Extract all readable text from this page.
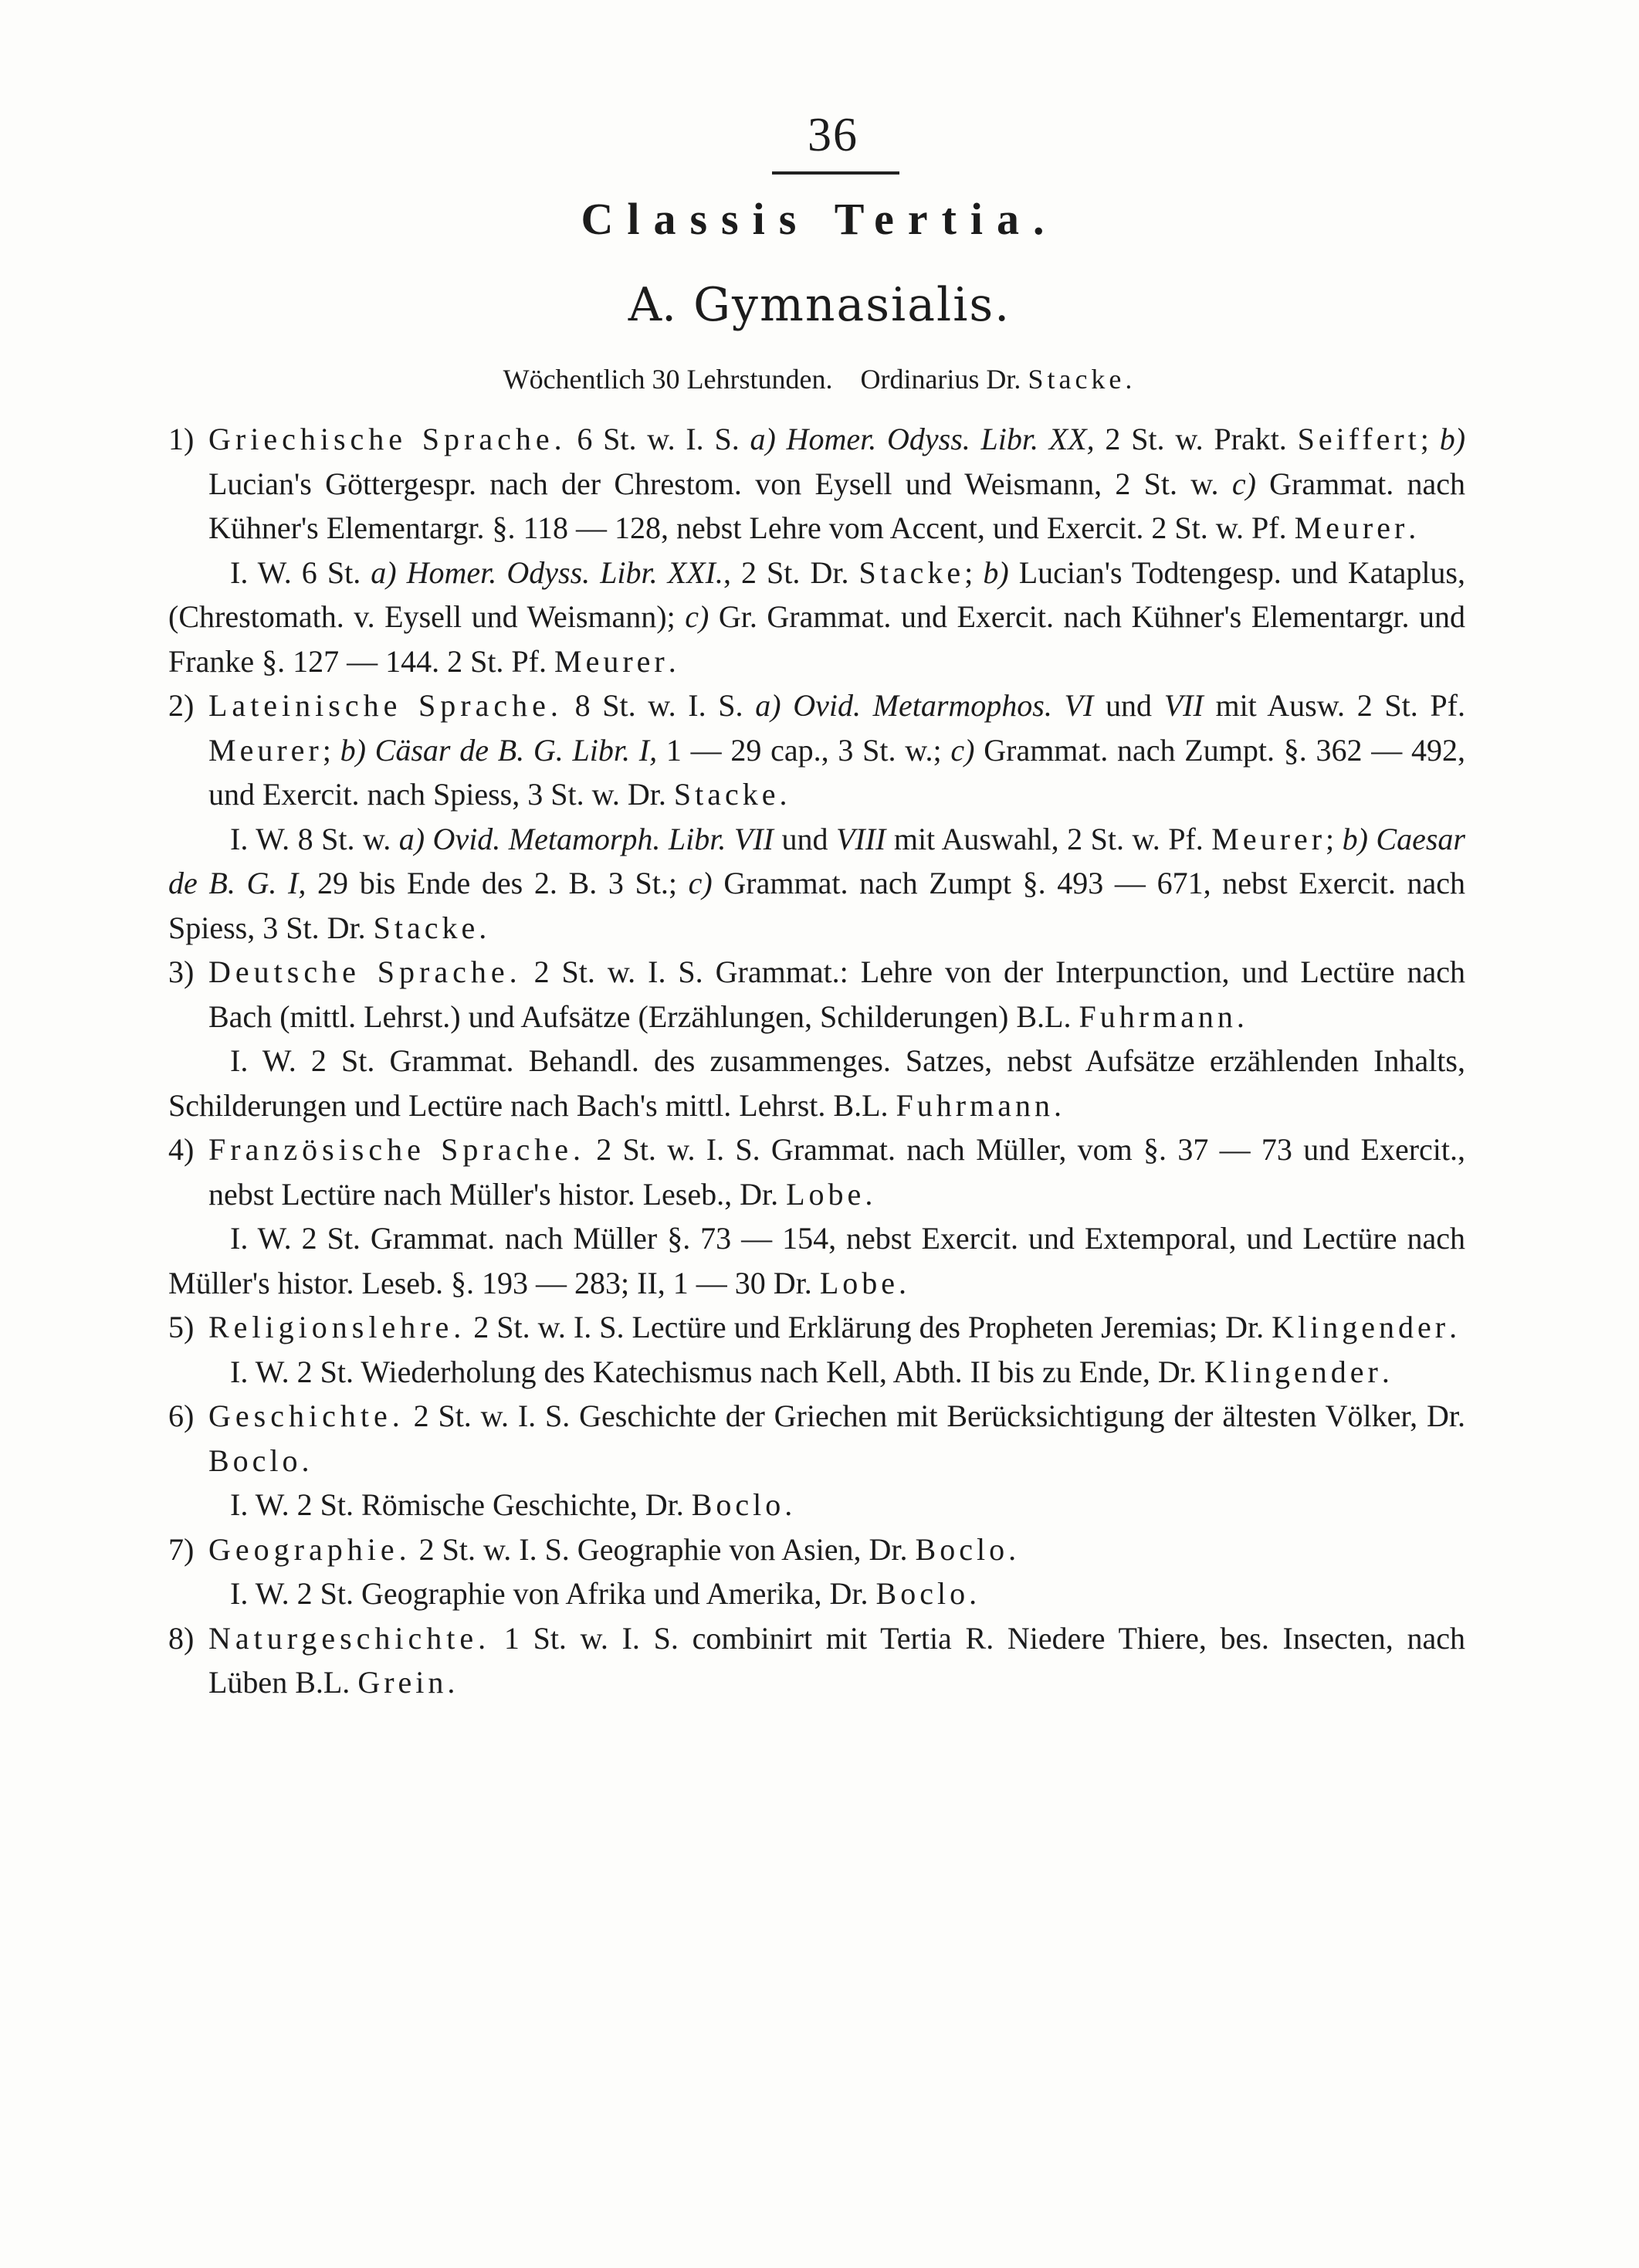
36
Classis Tertia.
A. Gymnasialis.
Wöchentlich 30 Lehrstunden. Ordinarius Dr. Stacke.

1) Griechische Sprache. 6 St. w. I. S. a) Homer. Odyss. Libr. XX, 2 St. w. Prakt. Seiffert; b) Lucian's Göttergespr. nach der Chrestom. von Eysell und Weismann, 2 St. w. c) Grammat. nach Kühner's Elementargr. §. 118 — 128, nebst Lehre vom Accent, und Exercit. 2 St. w. Pf. Meurer.

I. W. 6 St. a) Homer. Odyss. Libr. XXI., 2 St. Dr. Stacke; b) Lucian's Todtengesp. und Kataplus, (Chrestomath. v. Eysell und Weismann); c) Gr. Grammat. und Exercit. nach Kühner's Elementargr. und Franke §. 127 — 144. 2 St. Pf. Meurer.

2) Lateinische Sprache. 8 St. w. I. S. a) Ovid. Metarmophos. VI und VII mit Ausw. 2 St. Pf. Meurer; b) Cäsar de B. G. Libr. I, 1 — 29 cap., 3 St. w.; c) Grammat. nach Zumpt. §. 362 — 492, und Exercit. nach Spiess, 3 St. w. Dr. Stacke.

I. W. 8 St. w. a) Ovid. Metamorph. Libr. VII und VIII mit Auswahl, 2 St. w. Pf. Meurer; b) Caesar de B. G. I, 29 bis Ende des 2. B. 3 St.; c) Grammat. nach Zumpt §. 493 — 671, nebst Exercit. nach Spiess, 3 St. Dr. Stacke.

3) Deutsche Sprache. 2 St. w. I. S. Grammat.: Lehre von der Interpunction, und Lectüre nach Bach (mittl. Lehrst.) und Aufsätze (Erzählungen, Schilderungen) B.L. Fuhrmann.

I. W. 2 St. Grammat. Behandl. des zusammenges. Satzes, nebst Aufsätze erzählenden Inhalts, Schilderungen und Lectüre nach Bach's mittl. Lehrst. B.L. Fuhrmann.

4) Französische Sprache. 2 St. w. I. S. Grammat. nach Müller, vom §. 37 — 73 und Exercit., nebst Lectüre nach Müller's histor. Leseb., Dr. Lobe.

I. W. 2 St. Grammat. nach Müller §. 73 — 154, nebst Exercit. und Extemporal, und Lectüre nach Müller's histor. Leseb. §. 193 — 283; II, 1 — 30 Dr. Lobe.

5) Religionslehre. 2 St. w. I. S. Lectüre und Erklärung des Propheten Jeremias; Dr. Klingender.

I. W. 2 St. Wiederholung des Katechismus nach Kell, Abth. II bis zu Ende, Dr. Klingender.

6) Geschichte. 2 St. w. I. S. Geschichte der Griechen mit Berücksichtigung der ältesten Völker, Dr. Boclo.

I. W. 2 St. Römische Geschichte, Dr. Boclo.

7) Geographie. 2 St. w. I. S. Geographie von Asien, Dr. Boclo.

I. W. 2 St. Geographie von Afrika und Amerika, Dr. Boclo.

8) Naturgeschichte. 1 St. w. I. S. combinirt mit Tertia R. Niedere Thiere, bes. Insecten, nach Lüben B.L. Grein.
